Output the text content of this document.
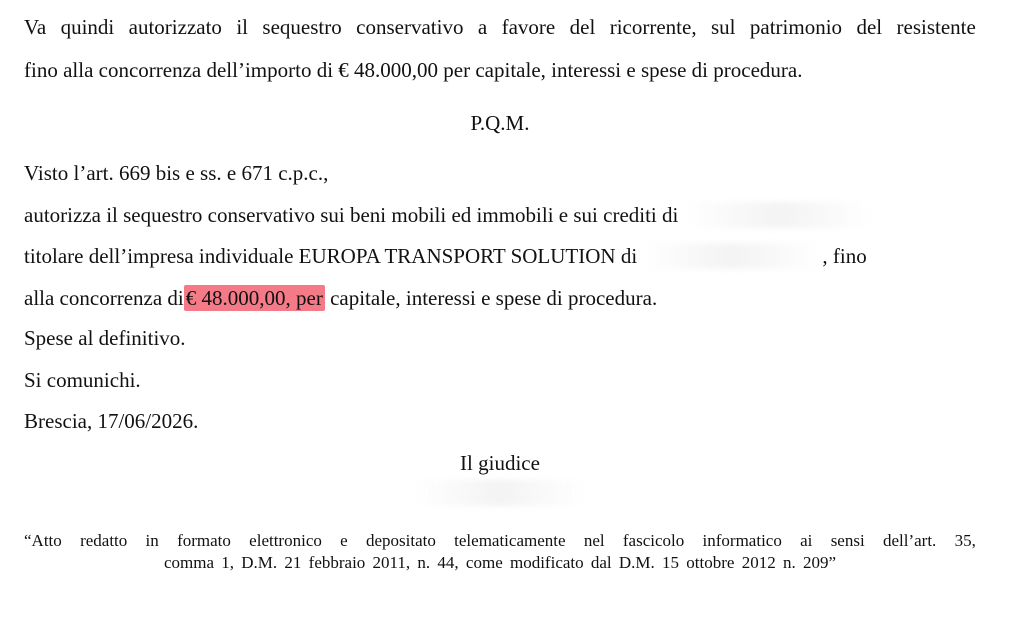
Va quindi autorizzato il sequestro conservativo a favore del ricorrente, sul patrimonio del resistente
fino alla concorrenza dell’importo di € 48.000,00 per capitale, interessi e spese di procedura.
P.Q.M.
Visto l’art. 669 bis e ss. e 671 c.p.c.,
autorizza il sequestro conservativo sui beni mobili ed immobili e sui crediti di
titolare dell’impresa individuale EUROPA TRANSPORT SOLUTION di	, fino
alla concorrenza di€ 48.000,00, per capitale, interessi e spese di procedura.
Spese al definitivo.
Si comunichi.
Brescia, 17/06/2026.
Il giudice

“Atto redatto in formato elettronico e depositato telematicamente nel fascicolo informatico ai sensi dell’art. 35,
comma 1, D.M. 21 febbraio 2011, n. 44, come modificato dal D.M. 15 ottobre 2012 n. 209”
